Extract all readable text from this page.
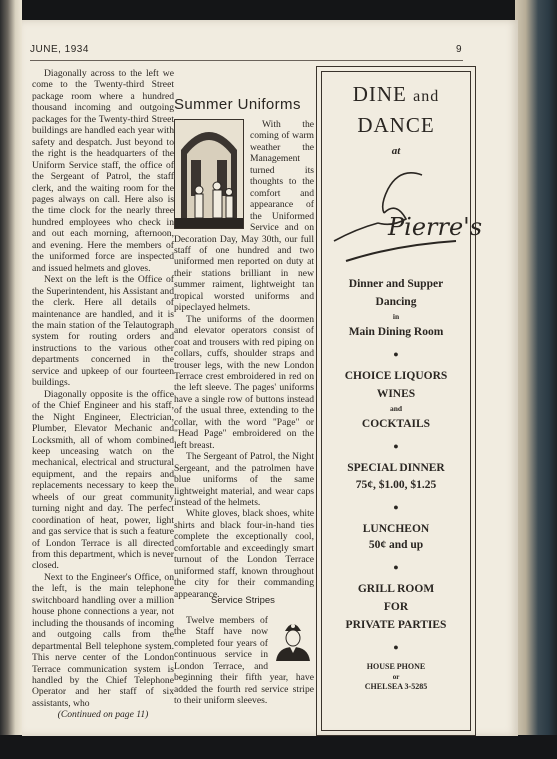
JUNE, 1934	9

Diagonally across to the left we come to the Twenty-third Street package room where a hundred thousand incoming and outgoing packages for the Twenty-third Street buildings are handled each year with safety and despatch. Just beyond to the right is the headquarters of the Uniform Service staff, the office of the Sergeant of Patrol, the staff clerk, and the waiting room for the pages always on call. Here also is the time clock for the nearly three hundred employees who check in and out each morning, afternoon, and evening. Here the members of the uniformed force are inspected and issued helmets and gloves.

Next on the left is the Office of the Superintendent, his Assistant and the clerk. Here all details of maintenance are handled, and it is the main station of the Telautograph system for routing orders and instructions to the various other departments concerned in the service and upkeep of our fourteen buildings.

Diagonally opposite is the office of the Chief Engineer and his staff, the Night Engineer, Electrician, Plumber, Elevator Mechanic and Locksmith, all of whom combined keep unceasing watch on the mechanical, electrical and structural equipment, and the repairs and replacements necessary to keep the wheels of our great community turning night and day. The perfect coordination of heat, power, light and gas service that is such a feature of London Terrace is all directed from this department, which is never closed.

Next to the Engineer's Office, on the left, is the main telephone switchboard handling over a million house phone connections a year, not including the thousands of incoming and outgoing calls from the departmental Bell telephone system. This nerve center of the London Terrace communication system is handled by the Chief Telephone Operator and her staff of six assistants, who

(Continued on page 11)

Summer Uniforms

With the coming of warm weather the Management turned its thoughts to the comfort and appearance of the Uniformed Service and on Decoration Day, May 30th, our full staff of one hundred and two uniformed men reported on duty at their stations brilliant in new summer raiment, lightweight tan tropical worsted uniforms and pipeclayed helmets.

The uniforms of the doormen and elevator operators consist of coat and trousers with red piping on collars, cuffs, shoulder straps and trouser legs, with the new London Terrace crest embroidered in red on the left sleeve. The pages' uniforms have a single row of buttons instead of the usual three, extending to the collar, with the word "Page" or "Head Page" embroidered on the left breast.

The Sergeant of Patrol, the Night Sergeant, and the patrolmen have blue uniforms of the same lightweight material, and wear caps instead of the helmets.

White gloves, black shoes, white shirts and black four-in-hand ties complete the exceptionally cool, comfortable and exceedingly smart turnout of the London Terrace uniformed staff, known throughout the city for their commanding appearance.

Service Stripes

Twelve members of the Staff have now completed four years of continuous service in London Terrace, and beginning their fifth year, have added the fourth red service stripe to their uniform sleeves.

DINE and
DANCE
at
Pierre's
Dinner and Supper
Dancing
in
Main Dining Room
●
CHOICE LIQUORS
WINES
and
COCKTAILS
●
SPECIAL DINNER
75¢, $1.00, $1.25
●
LUNCHEON
50¢ and up
●
GRILL ROOM
FOR
PRIVATE PARTIES
●
HOUSE PHONE
or
CHELSEA 3-5285
